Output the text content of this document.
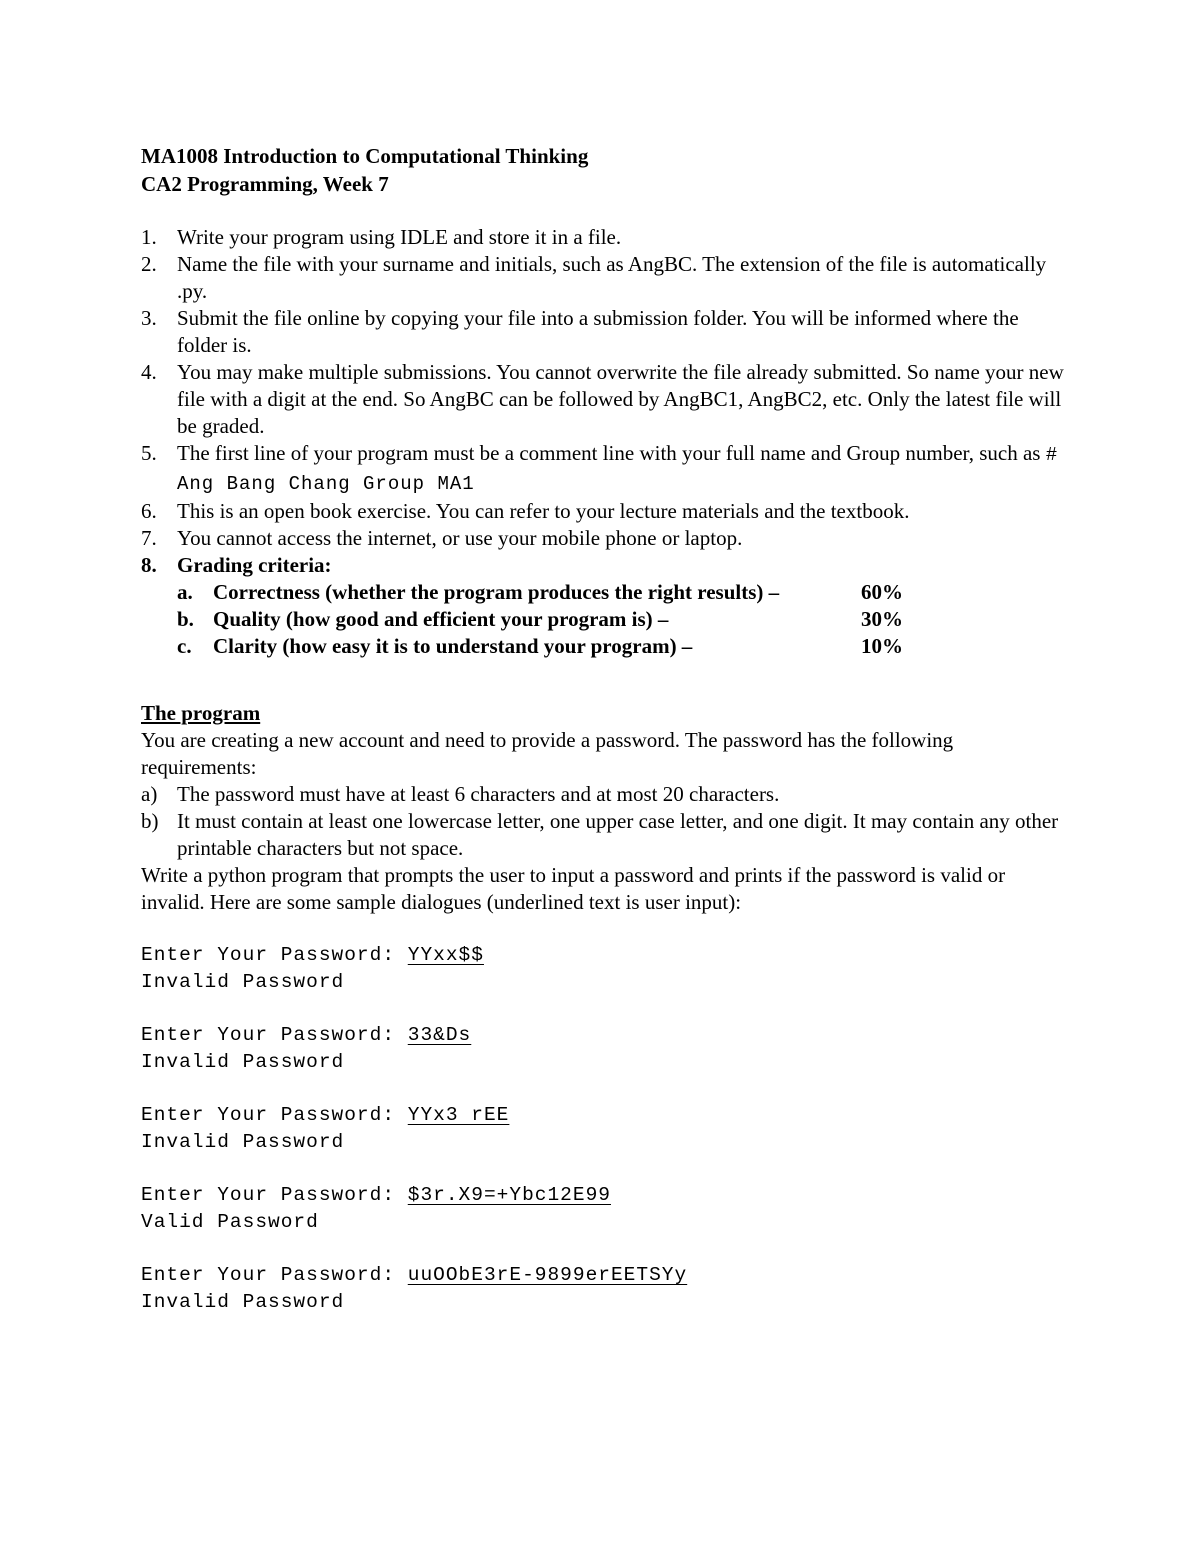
MA1008 Introduction to Computational Thinking
CA2 Programming, Week 7
1. Write your program using IDLE and store it in a file.
2. Name the file with your surname and initials, such as AngBC. The extension of the file is automatically .py.
3. Submit the file online by copying your file into a submission folder. You will be informed where the folder is.
4. You may make multiple submissions. You cannot overwrite the file already submitted. So name your new file with a digit at the end. So AngBC can be followed by AngBC1, AngBC2, etc. Only the latest file will be graded.
5. The first line of your program must be a comment line with your full name and Group number, such as # Ang Bang Chang Group MA1
6. This is an open book exercise. You can refer to your lecture materials and the textbook.
7. You cannot access the internet, or use your mobile phone or laptop.
8. Grading criteria:
a. Correctness (whether the program produces the right results) –	60%
b. Quality (how good and efficient your program is) –	30%
c. Clarity (how easy it is to understand your program) –	10%
The program
You are creating a new account and need to provide a password. The password has the following requirements:
a) The password must have at least 6 characters and at most 20 characters.
b) It must contain at least one lowercase letter, one upper case letter, and one digit. It may contain any other printable characters but not space.
Write a python program that prompts the user to input a password and prints if the password is valid or invalid. Here are some sample dialogues (underlined text is user input):
Enter Your Password: YYxx$$
Invalid Password
Enter Your Password: 33&Ds
Invalid Password
Enter Your Password: YYx3 rEE
Invalid Password
Enter Your Password: $3r.X9=+Ybc12E99
Valid Password
Enter Your Password: uuOObE3rE-9899erEETSYy
Invalid Password
